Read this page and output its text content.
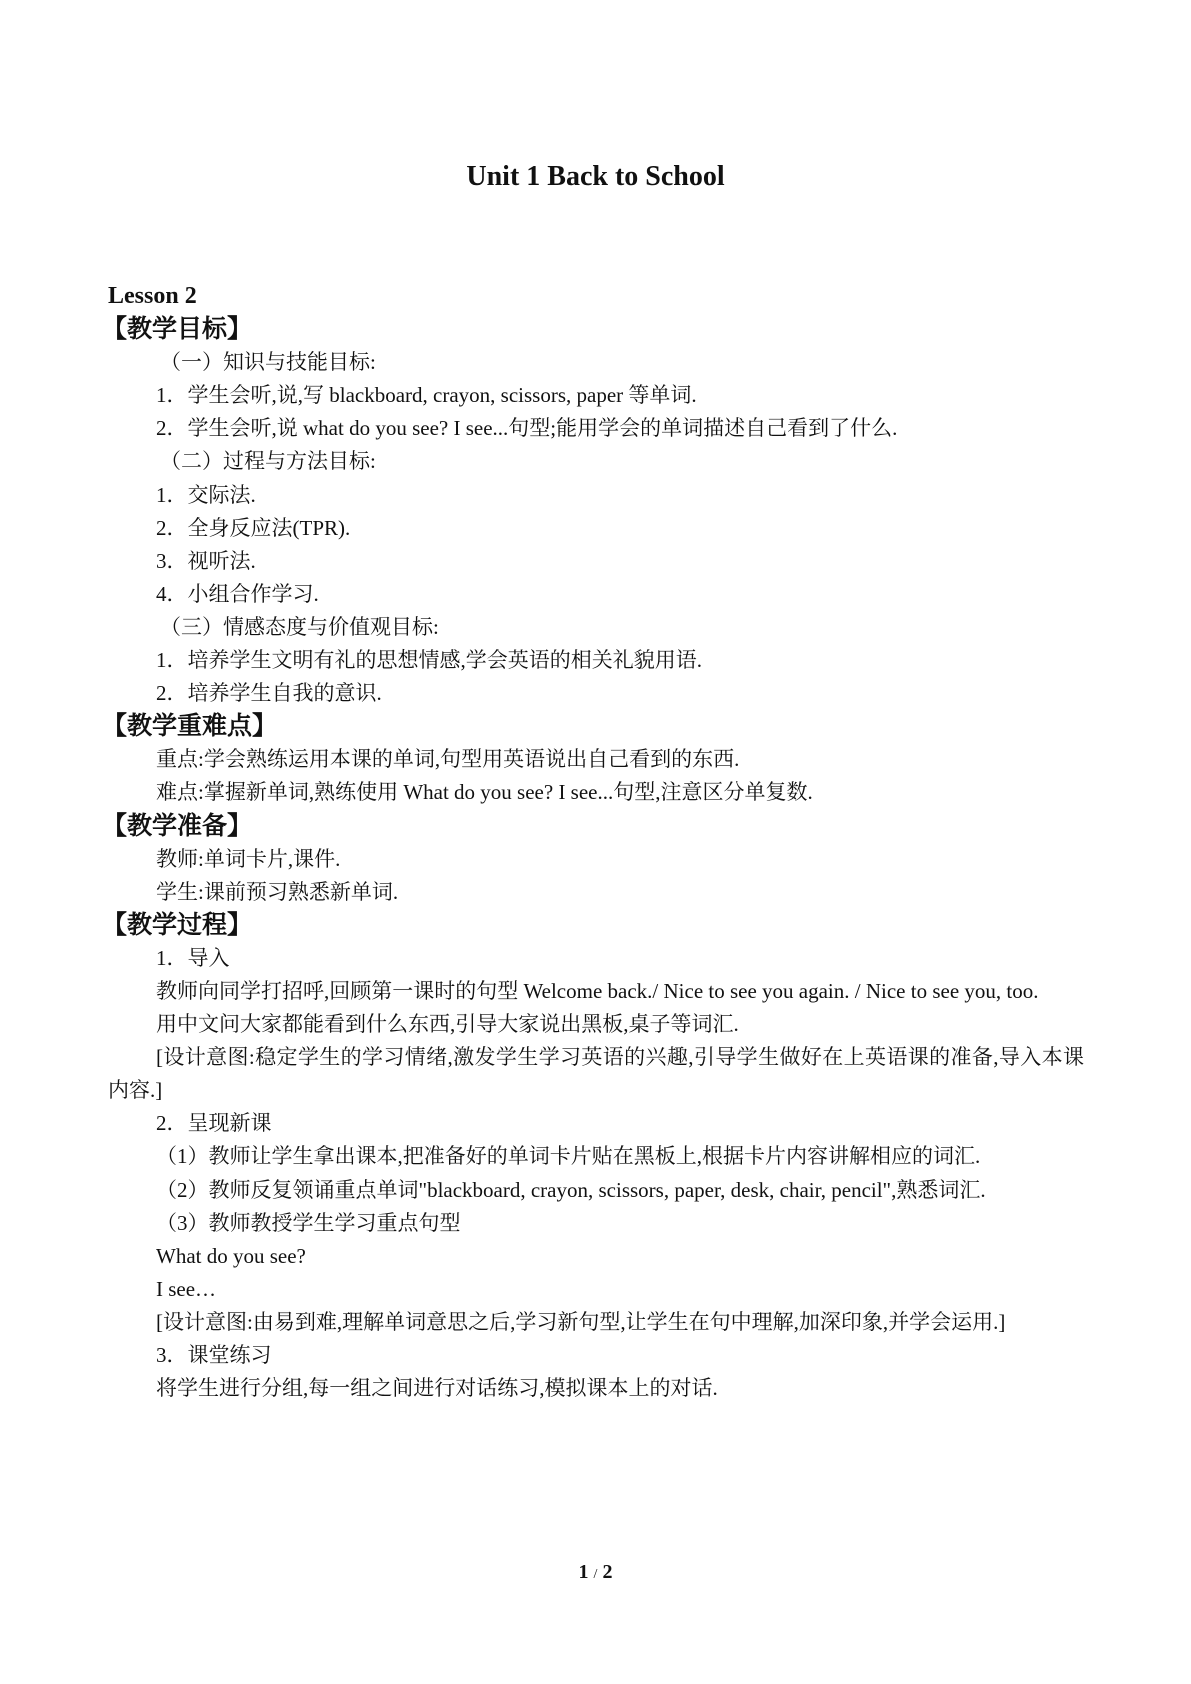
Unit 1 Back to School
Lesson 2
【教学目标】
（一）知识与技能目标:
1．学生会听,说,写 blackboard, crayon, scissors, paper 等单词.
2．学生会听,说 what do you see? I see...句型;能用学会的单词描述自己看到了什么.
（二）过程与方法目标:
1．交际法.
2．全身反应法(TPR).
3．视听法.
4．小组合作学习.
（三）情感态度与价值观目标:
1．培养学生文明有礼的思想情感,学会英语的相关礼貌用语.
2．培养学生自我的意识.
【教学重难点】
重点:学会熟练运用本课的单词,句型用英语说出自己看到的东西.
难点:掌握新单词,熟练使用 What do you see? I see...句型,注意区分单复数.
【教学准备】
教师:单词卡片,课件.
学生:课前预习熟悉新单词.
【教学过程】
1．导入
教师向同学打招呼,回顾第一课时的句型 Welcome back./ Nice to see you again. / Nice to see you, too.
用中文问大家都能看到什么东西,引导大家说出黑板,桌子等词汇.
[设计意图:稳定学生的学习情绪,激发学生学习英语的兴趣,引导学生做好在上英语课的准备,导入本课内容.]
2．呈现新课
（1）教师让学生拿出课本,把准备好的单词卡片贴在黑板上,根据卡片内容讲解相应的词汇.
（2）教师反复领诵重点单词"blackboard, crayon, scissors, paper, desk, chair, pencil",熟悉词汇.
（3）教师教授学生学习重点句型
What do you see?
I see…
[设计意图:由易到难,理解单词意思之后,学习新句型,让学生在句中理解,加深印象,并学会运用.]
3．课堂练习
将学生进行分组,每一组之间进行对话练习,模拟课本上的对话.
1 / 2
